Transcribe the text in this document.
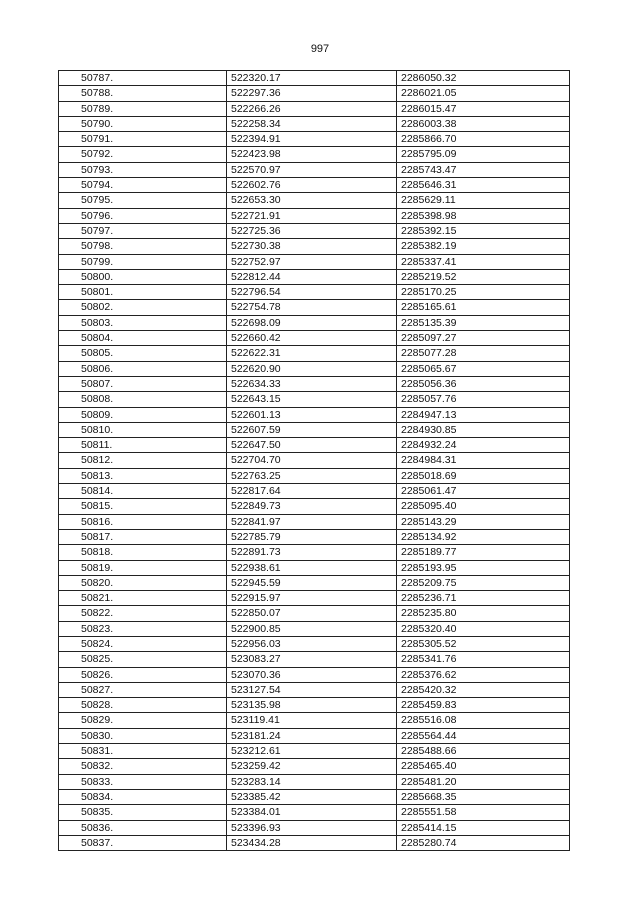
997
50787.	522320.17	2286050.32
50788.	522297.36	2286021.05
50789.	522266.26	2286015.47
50790.	522258.34	2286003.38
50791.	522394.91	2285866.70
50792.	522423.98	2285795.09
50793.	522570.97	2285743.47
50794.	522602.76	2285646.31
50795.	522653.30	2285629.11
50796.	522721.91	2285398.98
50797.	522725.36	2285392.15
50798.	522730.38	2285382.19
50799.	522752.97	2285337.41
50800.	522812.44	2285219.52
50801.	522796.54	2285170.25
50802.	522754.78	2285165.61
50803.	522698.09	2285135.39
50804.	522660.42	2285097.27
50805.	522622.31	2285077.28
50806.	522620.90	2285065.67
50807.	522634.33	2285056.36
50808.	522643.15	2285057.76
50809.	522601.13	2284947.13
50810.	522607.59	2284930.85
50811.	522647.50	2284932.24
50812.	522704.70	2284984.31
50813.	522763.25	2285018.69
50814.	522817.64	2285061.47
50815.	522849.73	2285095.40
50816.	522841.97	2285143.29
50817.	522785.79	2285134.92
50818.	522891.73	2285189.77
50819.	522938.61	2285193.95
50820.	522945.59	2285209.75
50821.	522915.97	2285236.71
50822.	522850.07	2285235.80
50823.	522900.85	2285320.40
50824.	522956.03	2285305.52
50825.	523083.27	2285341.76
50826.	523070.36	2285376.62
50827.	523127.54	2285420.32
50828.	523135.98	2285459.83
50829.	523119.41	2285516.08
50830.	523181.24	2285564.44
50831.	523212.61	2285488.66
50832.	523259.42	2285465.40
50833.	523283.14	2285481.20
50834.	523385.42	2285668.35
50835.	523384.01	2285551.58
50836.	523396.93	2285414.15
50837.	523434.28	2285280.74
